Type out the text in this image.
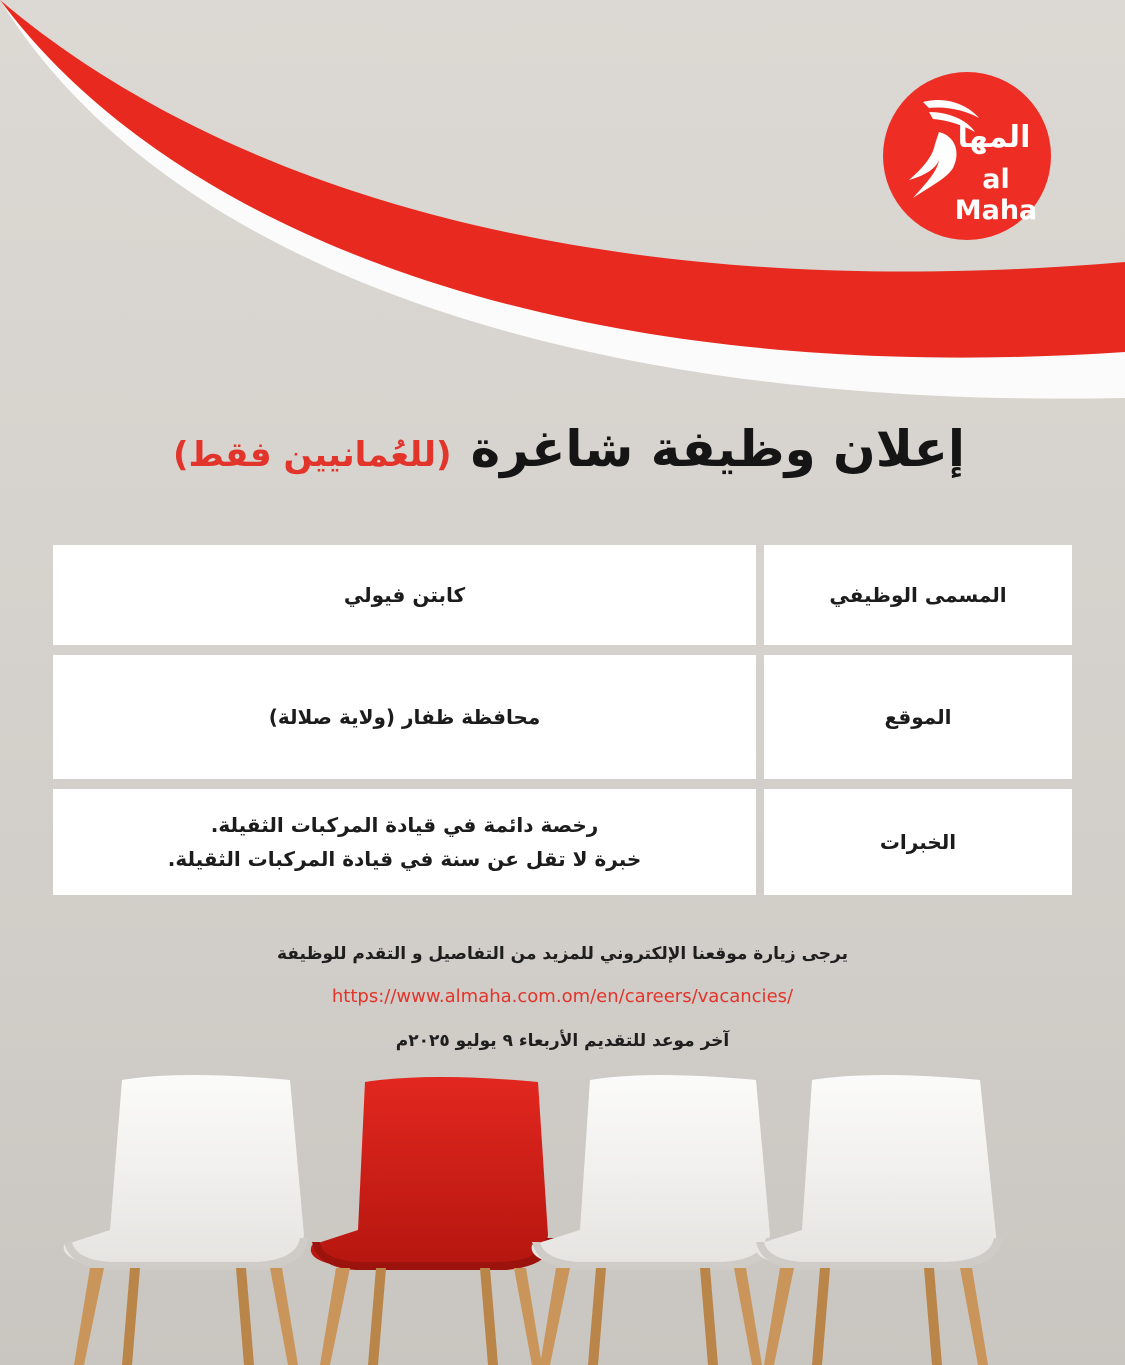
المها
al Maha
إعلان وظيفة شاغرة (للعُمانيين فقط)
المسمى الوظيفي
كابتن فيولي
الموقع
محافظة ظفار (ولاية صلالة)
الخبرات
رخصة دائمة في قيادة المركبات الثقيلة.
خبرة لا تقل عن سنة في قيادة المركبات الثقيلة.
يرجى زيارة موقعنا الإلكتروني للمزيد من التفاصيل و التقدم للوظيفة
https://www.almaha.com.om/en/careers/vacancies/
آخر موعد للتقديم الأربعاء ٩ يوليو ٢٠٢٥م
